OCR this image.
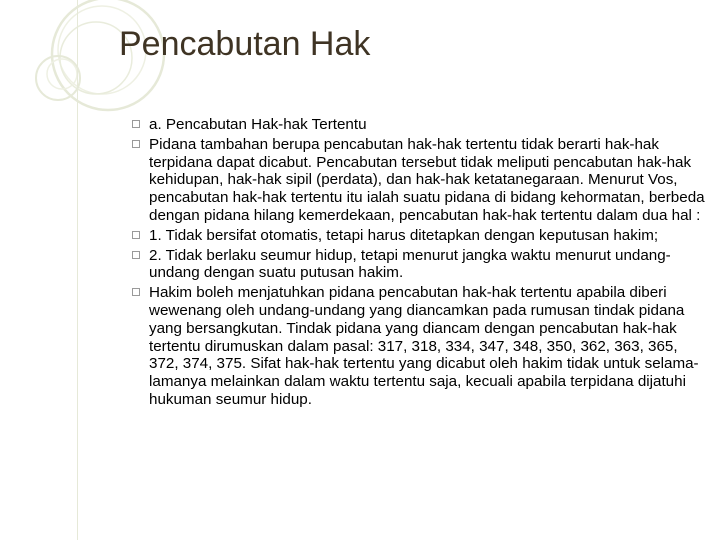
Pencabutan Hak
a. Pencabutan Hak-hak Tertentu
Pidana tambahan berupa pencabutan hak-hak tertentu tidak berarti hak-hak terpidana dapat dicabut. Pencabutan tersebut tidak meliputi pencabutan hak-hak kehidupan, hak-hak sipil (perdata), dan hak-hak ketatanegaraan. Menurut Vos, pencabutan hak-hak tertentu itu ialah suatu pidana di bidang kehormatan, berbeda dengan pidana hilang kemerdekaan, pencabutan hak-hak tertentu dalam dua hal :
1. Tidak bersifat otomatis, tetapi harus ditetapkan dengan keputusan hakim;
2. Tidak berlaku seumur hidup, tetapi menurut jangka waktu menurut undang-undang dengan suatu putusan hakim.
Hakim boleh menjatuhkan pidana pencabutan hak-hak tertentu apabila diberi wewenang oleh undang-undang yang diancamkan pada rumusan tindak pidana yang bersangkutan. Tindak pidana yang diancam dengan pencabutan hak-hak tertentu dirumuskan dalam pasal: 317, 318, 334, 347, 348, 350, 362, 363, 365, 372, 374, 375. Sifat hak-hak tertentu yang dicabut oleh hakim tidak untuk selama-lamanya melainkan dalam waktu tertentu saja, kecuali apabila terpidana dijatuhi hukuman seumur hidup.
